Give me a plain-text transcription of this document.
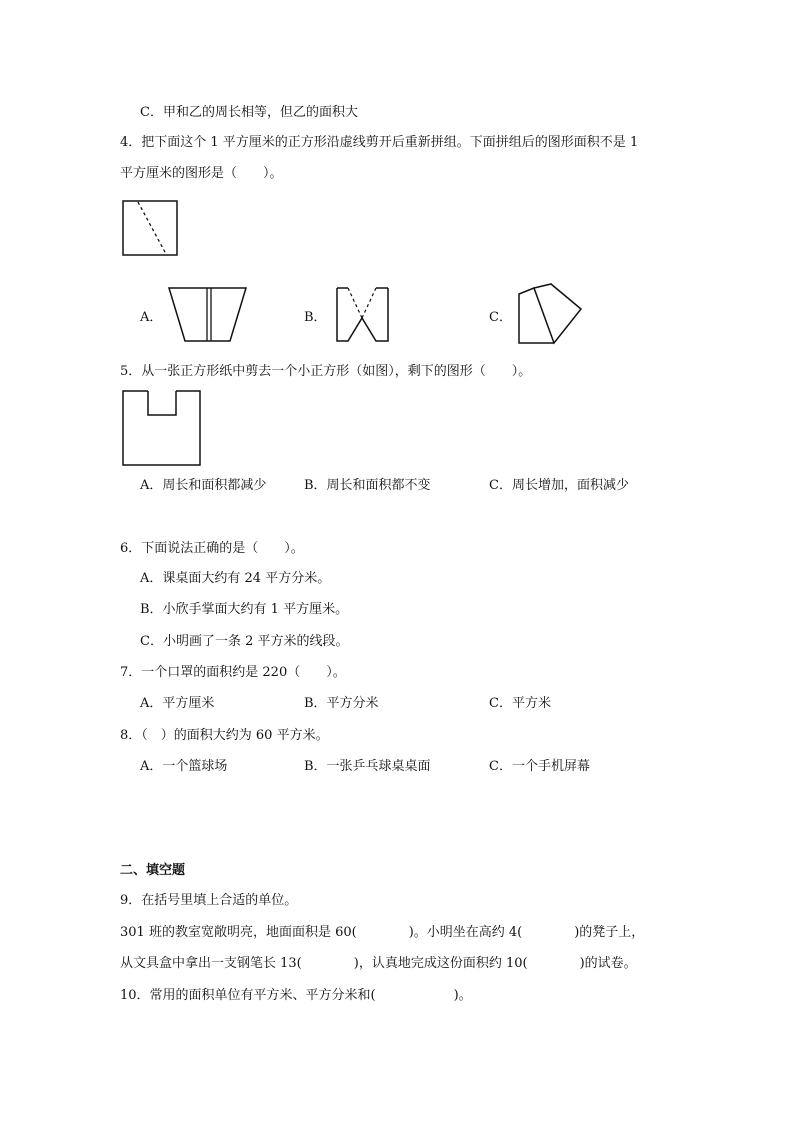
C．甲和乙的周长相等，但乙的面积大
4．把下面这个 1 平方厘米的正方形沿虚线剪开后重新拼组。下面拼组后的图形面积不是 1
平方厘米的图形是（　　）。
A．	B．	C．
5．从一张正方形纸中剪去一个小正方形（如图），剩下的图形（　　）。
A．周长和面积都减少	B．周长和面积都不变	C．周长增加，面积减少
6．下面说法正确的是（　　）。
A．课桌面大约有 24 平方分米。
B．小欣手掌面大约有 1 平方厘米。
C．小明画了一条 2 平方米的线段。
7．一个口罩的面积约是 220（　　）。
A．平方厘米	B．平方分米	C．平方米
8．（　）的面积大约为 60 平方米。
A．一个篮球场	B．一张乒乓球桌桌面	C．一个手机屏幕
二、填空题
9．在括号里填上合适的单位。
301 班的教室宽敞明亮，地面面积是 60(　　　　)。小明坐在高约 4(　　　　)的凳子上，
从文具盒中拿出一支钢笔长 13(　　　　)，认真地完成这份面积约 10(　　　　)的试卷。
10．常用的面积单位有平方米、平方分米和(　　　　　　)。
